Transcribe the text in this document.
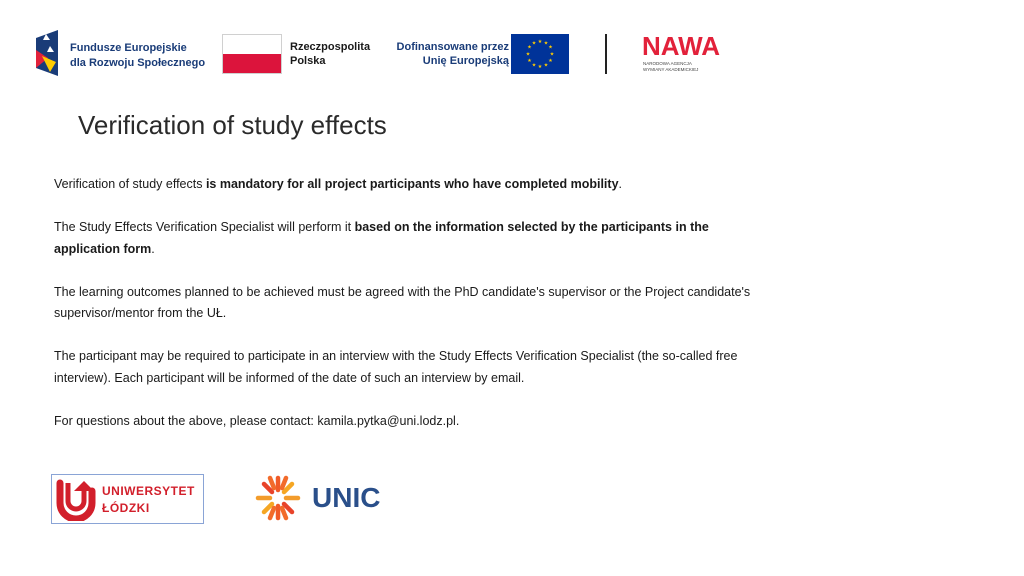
Fundusze Europejskie
dla Rozwoju Społecznego
Rzeczpospolita
Polska
Dofinansowane przez
Unię Europejską
★ ★
★
★
★
★
★
★
★
★
★
★	NAWA
NARODOWA AGENCJA
WYMIANY AKADEMICKIEJ
Verification of study effects

Verification of study effects is mandatory for all project participants who have completed mobility.

The Study Effects Verification Specialist will perform it based on the information selected by the participants in the application form.

The learning outcomes planned to be achieved must be agreed with the PhD candidate's supervisor or the Project candidate's supervisor/mentor from the UŁ.

The participant may be required to participate in an interview with the Study Effects Verification Specialist (the so-called free interview). Each participant will be informed of the date of such an interview by email.

For questions about the above, please contact: kamila.pytka@uni.lodz.pl.

UNIWERSYTET
ŁÓDZKI	UNIC
